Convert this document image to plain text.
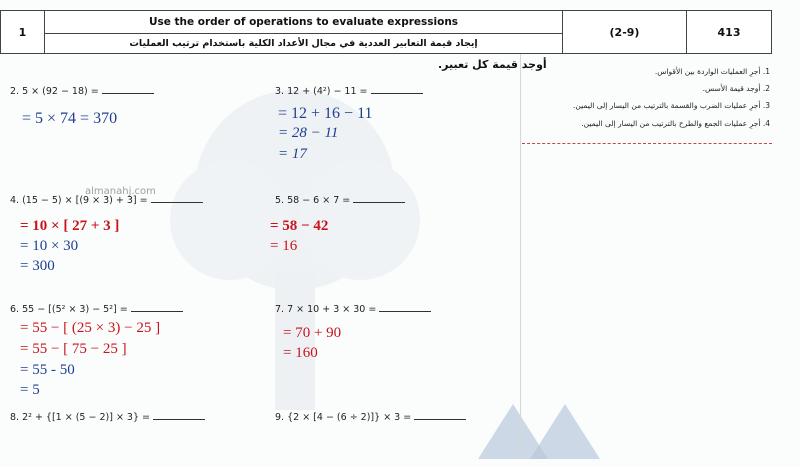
1
Use the order of operations to evaluate expressions
إيجاد قيمة التعابير العددية في مجال الأعداد الكلية باستخدام ترتيب العمليات
(2-9)	413
أوجد قيمة كل تعبير.
1. أجرِ العمليات الواردة بين الأقواس.
2. أوجد قيمة الأسس.
3. أجرِ عمليات الضرب والقسمة بالترتيب من اليسار إلى اليمين.
4. أجرِ عمليات الجمع والطرح بالترتيب من اليسار إلى اليمين.
2. 5 × (92 − 18) =
= 5 × 74 = 370
3. 12 + (4²) − 11 =
= 12 + 16 − 11
= 28 − 11
= 17
4. (15 − 5) × [(9 × 3) + 3] =
almanahj.com
= 10 × [ 27 + 3 ]
= 10 × 30
= 300
5. 58 − 6 × 7 =
= 58 − 42
= 16
6. 55 − [(5² × 3) − 5²] =
= 55 − [ (25 × 3) − 25 ]
= 55 − [ 75 − 25 ]
= 55 - 50
= 5
7. 7 × 10 + 3 × 30 =
= 70 + 90
= 160
8. 2² + {[1 × (5 − 2)] × 3} =	9. {2 × [4 − (6 ÷ 2)]} × 3 =
